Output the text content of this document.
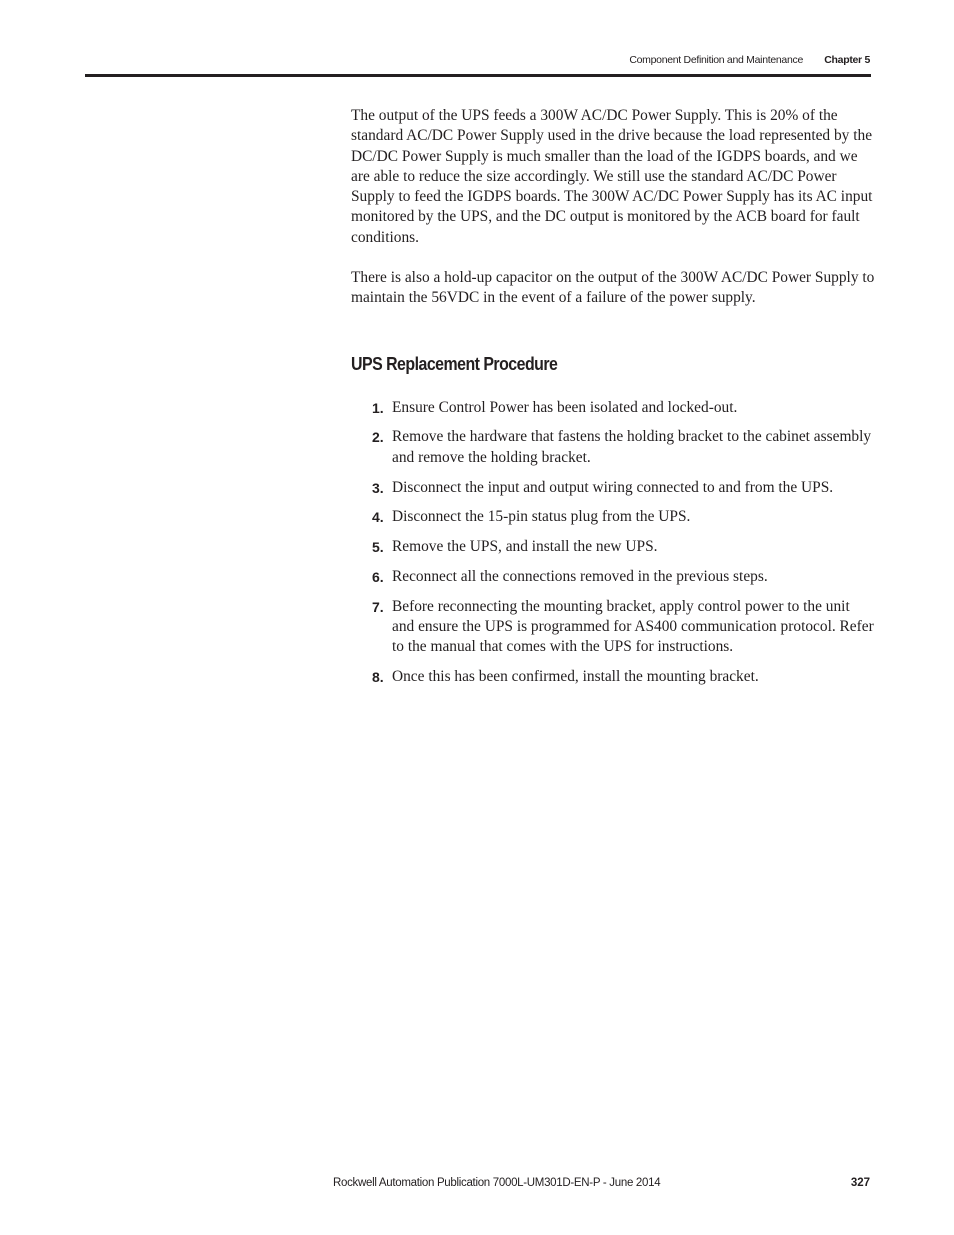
Component Definition and Maintenance Chapter 5

The output of the UPS feeds a 300W AC/DC Power Supply. This is 20% of the standard AC/DC Power Supply used in the drive because the load represented by the DC/DC Power Supply is much smaller than the load of the IGDPS boards, and we are able to reduce the size accordingly. We still use the standard AC/DC Power Supply to feed the IGDPS boards. The 300W AC/DC Power Supply has its AC input monitored by the UPS, and the DC output is monitored by the ACB board for fault conditions.

There is also a hold-up capacitor on the output of the 300W AC/DC Power Supply to maintain the 56VDC in the event of a failure of the power supply.

UPS Replacement Procedure
1. Ensure Control Power has been isolated and locked-out.
2. Remove the hardware that fastens the holding bracket to the cabinet assembly and remove the holding bracket.
3. Disconnect the input and output wiring connected to and from the UPS.
4. Disconnect the 15-pin status plug from the UPS.
5. Remove the UPS, and install the new UPS.
6. Reconnect all the connections removed in the previous steps.
7. Before reconnecting the mounting bracket, apply control power to the unit and ensure the UPS is programmed for AS400 communication protocol. Refer to the manual that comes with the UPS for instructions.
8. Once this has been confirmed, install the mounting bracket.
Rockwell Automation Publication 7000L-UM301D-EN-P - June 2014	327
